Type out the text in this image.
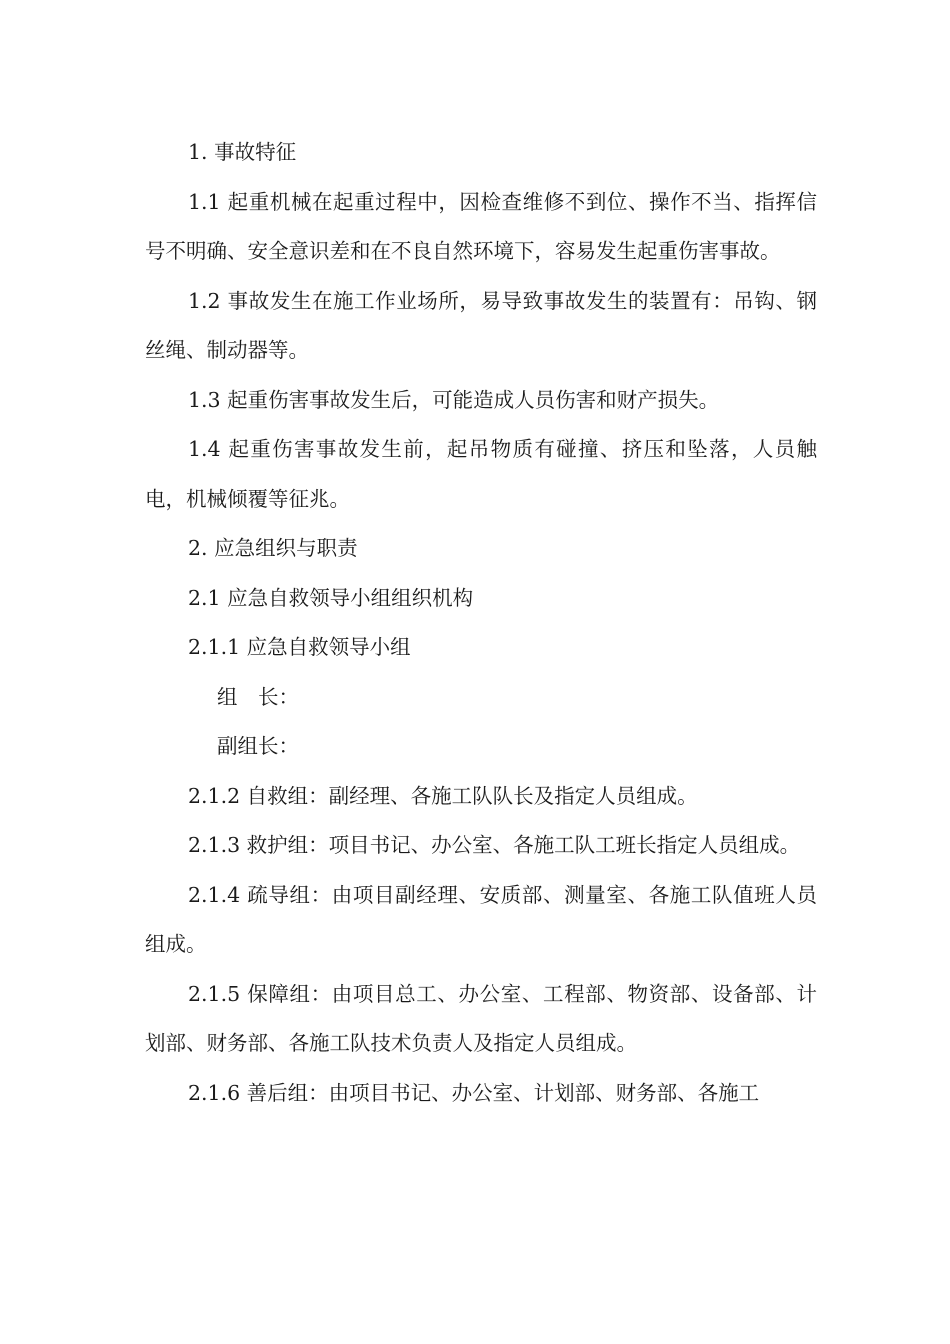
1. 事故特征

1.1 起重机械在起重过程中，因检查维修不到位、操作不当、指挥信号不明确、安全意识差和在不良自然环境下，容易发生起重伤害事故。

1.2 事故发生在施工作业场所，易导致事故发生的装置有：吊钩、钢丝绳、制动器等。

1.3 起重伤害事故发生后，可能造成人员伤害和财产损失。

1.4 起重伤害事故发生前，起吊物质有碰撞、挤压和坠落，人员触电，机械倾覆等征兆。

2. 应急组织与职责

2.1 应急自救领导小组组织机构

2.1.1 应急自救领导小组

组　长：

副组长：

2.1.2 自救组：副经理、各施工队队长及指定人员组成。

2.1.3 救护组：项目书记、办公室、各施工队工班长指定人员组成。

2.1.4 疏导组：由项目副经理、安质部、测量室、各施工队值班人员组成。

2.1.5 保障组：由项目总工、办公室、工程部、物资部、设备部、计划部、财务部、各施工队技术负责人及指定人员组成。

2.1.6 善后组：由项目书记、办公室、计划部、财务部、各施工
